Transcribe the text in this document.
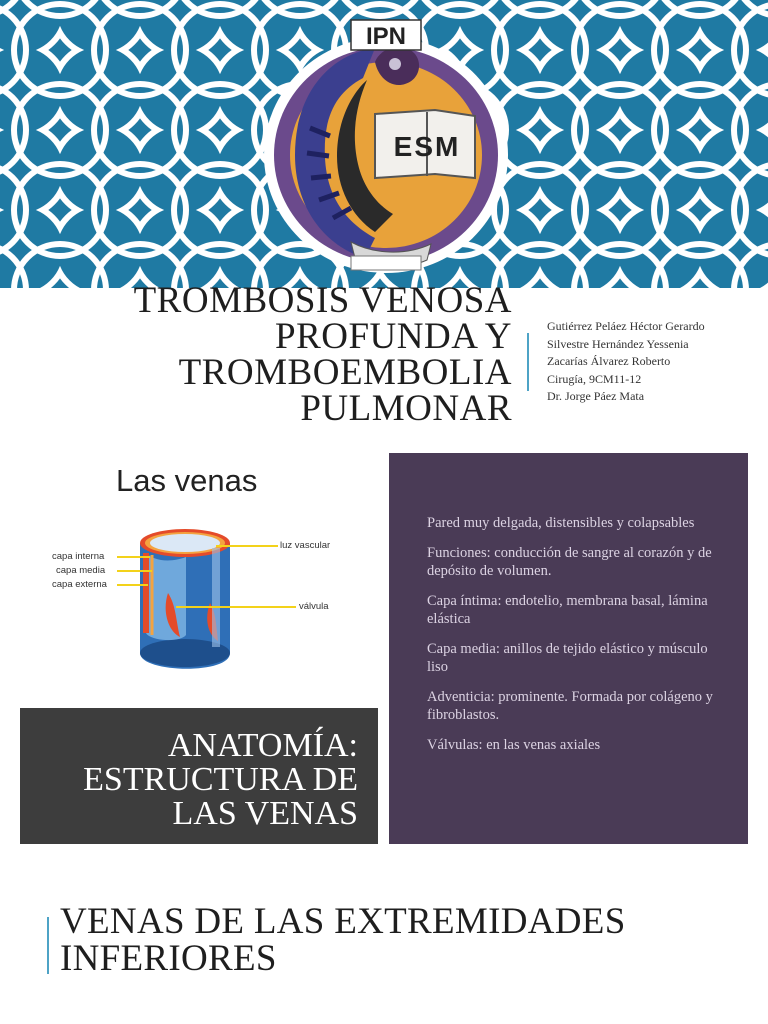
IPN
ESM
TROMBOSIS VENOSA
PROFUNDA Y
TROMBOEMBOLIA
PULMONAR
Gutiérrez Peláez Héctor Gerardo
Silvestre Hernández Yessenia
Zacarías Álvarez Roberto
Cirugía, 9CM11-12
Dr. Jorge Páez Mata
Las venas
capa interna
capa media
capa externa
luz vascular
válvula
ANATOMÍA:
ESTRUCTURA DE
LAS VENAS
Pared muy delgada, distensibles y colapsables
Funciones: conducción de sangre al corazón y de depósito de volumen.
Capa íntima: endotelio, membrana basal, lámina elástica
Capa media: anillos de tejido elástico y músculo liso
Adventicia: prominente. Formada por colágeno y fibroblastos.
Válvulas: en las venas axiales
VENAS DE LAS EXTREMIDADES
INFERIORES
